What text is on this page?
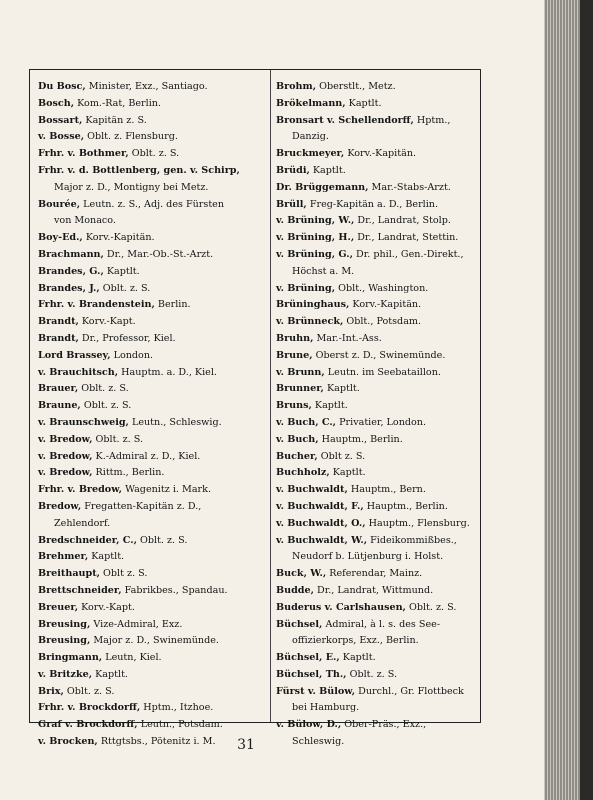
Du Bosc, Minister, Exz., Santiago.

Bosch, Kom.-Rat, Berlin.

Bossart, Kapitän z. S.

v. Bosse, Oblt. z. Flensburg.

Frhr. v. Bothmer, Oblt. z. S.

Frhr. v. d. Bottlenberg, gen. v. Schirp,
Major z. D., Montigny bei Metz.

Bourée, Leutn. z. S., Adj. des Fürsten
von Monaco.

Boy-Ed., Korv.-Kapitän.

Brachmann, Dr., Mar.-Ob.-St.-Arzt.

Brandes, G., Kaptlt.

Brandes, J., Oblt. z. S.

Frhr. v. Brandenstein, Berlin.

Brandt, Korv.-Kapt.

Brandt, Dr., Professor, Kiel.

Lord Brassey, London.

v. Brauchitsch, Hauptm. a. D., Kiel.

Brauer, Oblt. z. S.

Braune, Oblt. z. S.

v. Braunschweig, Leutn., Schleswig.

v. Bredow, Oblt. z. S.

v. Bredow, K.-Admiral z. D., Kiel.

v. Bredow, Rittm., Berlin.

Frhr. v. Bredow, Wagenitz i. Mark.

Bredow, Fregatten-Kapitän z. D.,
Zehlendorf.

Bredschneider, C., Oblt. z. S.

Brehmer, Kaptlt.

Breithaupt, Oblt z. S.

Brettschneider, Fabrikbes., Spandau.

Breuer, Korv.-Kapt.

Breusing, Vize-Admiral, Exz.

Breusing, Major z. D., Swinemünde.

Bringmann, Leutn, Kiel.

v. Britzke, Kaptlt.

Brix, Oblt. z. S.

Frhr. v. Brockdorff, Hptm., Itzhoe.

Graf v. Brockdorff, Leutn., Potsdam.

v. Brocken, Rttgtsbs., Pötenitz i. M.

Brohm, Oberstlt., Metz.

Brökelmann, Kaptlt.

Bronsart v. Schellendorff, Hptm.,
Danzig.

Bruckmeyer, Korv.-Kapitän.

Brüdi, Kaptlt.

Dr. Brüggemann, Mar.-Stabs-Arzt.

Brüll, Freg-Kapitän a. D., Berlin.

v. Brüning, W., Dr., Landrat, Stolp.

v. Brüning, H., Dr., Landrat, Stettin.

v. Brüning, G., Dr. phil., Gen.-Direkt.,
Höchst a. M.

v. Brüning, Oblt., Washington.

Brüninghaus, Korv.-Kapitän.

v. Brünneck, Oblt., Potsdam.

Bruhn, Mar.-Int.-Ass.

Brune, Oberst z. D., Swinemünde.

v. Brunn, Leutn. im Seebataillon.

Brunner, Kaptlt.

Bruns, Kaptlt.

v. Buch, C., Privatier, London.

v. Buch, Hauptm., Berlin.

Bucher, Oblt z. S.

Buchholz, Kaptlt.

v. Buchwaldt, Hauptm., Bern.

v. Buchwaldt, F., Hauptm., Berlin.

v. Buchwaldt, O., Hauptm., Flensburg.

v. Buchwaldt, W., Fideikommißbes.,
Neudorf b. Lütjenburg i. Holst.

Buck, W., Referendar, Mainz.

Budde, Dr., Landrat, Wittmund.

Buderus v. Carlshausen, Oblt. z. S.

Büchsel, Admiral, à l. s. des See-
offizierkorps, Exz., Berlin.

Büchsel, E., Kaptlt.

Büchsel, Th., Oblt. z. S.

Fürst v. Bülow, Durchl., Gr. Flottbeck
bei Hamburg.

v. Bülow, D., Ober-Präs., Exz.,
Schleswig.

31
